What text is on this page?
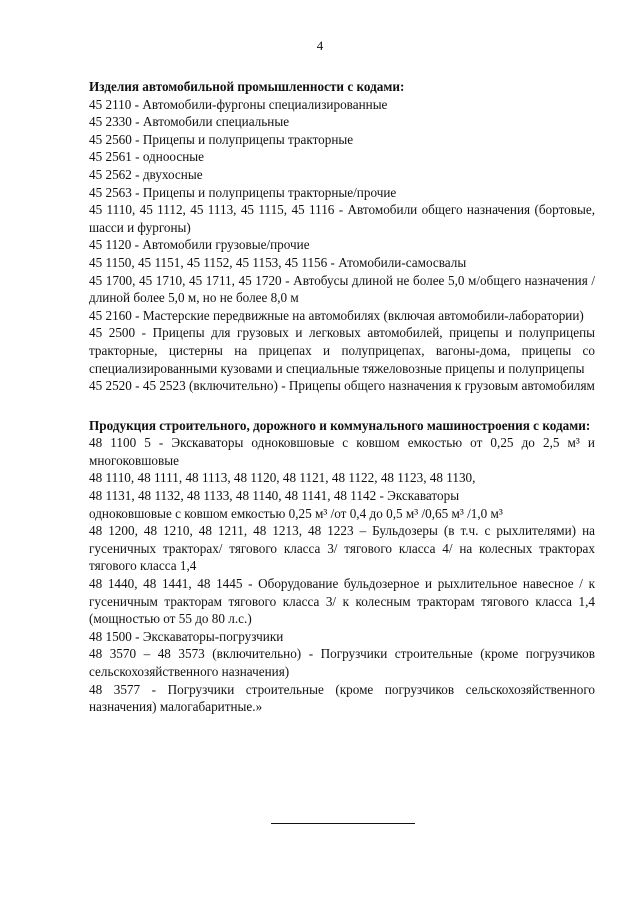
4

Изделия автомобильной промышленности с кодами:

45 2110 - Автомобили-фургоны специализированные

45 2330 - Автомобили специальные

45 2560 - Прицепы и полуприцепы тракторные

45 2561 - одноосные

45 2562 - двухосные

45 2563 - Прицепы и полуприцепы тракторные/прочие

45 1110, 45 1112, 45 1113, 45 1115, 45 1116 - Автомобили общего назначения (бортовые, шасси и фургоны)

45 1120 - Автомобили грузовые/прочие

45 1150, 45 1151, 45 1152, 45 1153, 45 1156 - Атомобили-самосвалы

45 1700, 45 1710, 45 1711, 45 1720 - Автобусы длиной не более 5,0 м/общего назначения /длиной более 5,0 м, но не более 8,0 м

45 2160 - Мастерские передвижные на автомобилях (включая автомобили-лаборатории)

45 2500 - Прицепы для грузовых и легковых автомобилей, прицепы и полуприцепы тракторные, цистерны на прицепах и полуприцепах, вагоны-дома, прицепы со специализированными кузовами и специальные тяжеловозные прицепы и полуприцепы

45 2520 - 45 2523 (включительно) - Прицепы общего назначения к грузовым автомобилям

Продукция строительного, дорожного и коммунального машиностроения с кодами:

48 1100 5 - Экскаваторы одноковшовые с ковшом емкостью от 0,25 до 2,5 м³ и многоковшовые

48 1110, 48 1111, 48 1113, 48 1120, 48 1121, 48 1122, 48 1123, 48 1130,

48 1131, 48 1132, 48 1133, 48 1140, 48 1141, 48 1142 - Экскаваторы

одноковшовые с ковшом емкостью 0,25 м³ /от 0,4 до 0,5 м³ /0,65 м³ /1,0 м³

48 1200, 48 1210, 48 1211, 48 1213, 48 1223 – Бульдозеры (в т.ч. с рыхлителями) на гусеничных тракторах/ тягового класса 3/ тягового класса 4/ на колесных тракторах тягового класса 1,4

48 1440, 48 1441, 48 1445 - Оборудование бульдозерное и рыхлительное навесное / к гусеничным тракторам тягового класса 3/ к колесным тракторам тягового класса 1,4 (мощностью от 55 до 80 л.с.)

48 1500 - Экскаваторы-погрузчики

48 3570 – 48 3573 (включительно) - Погрузчики строительные (кроме погрузчиков сельскохозяйственного назначения)

48 3577 - Погрузчики строительные (кроме погрузчиков сельскохозяйственного назначения) малогабаритные.»
